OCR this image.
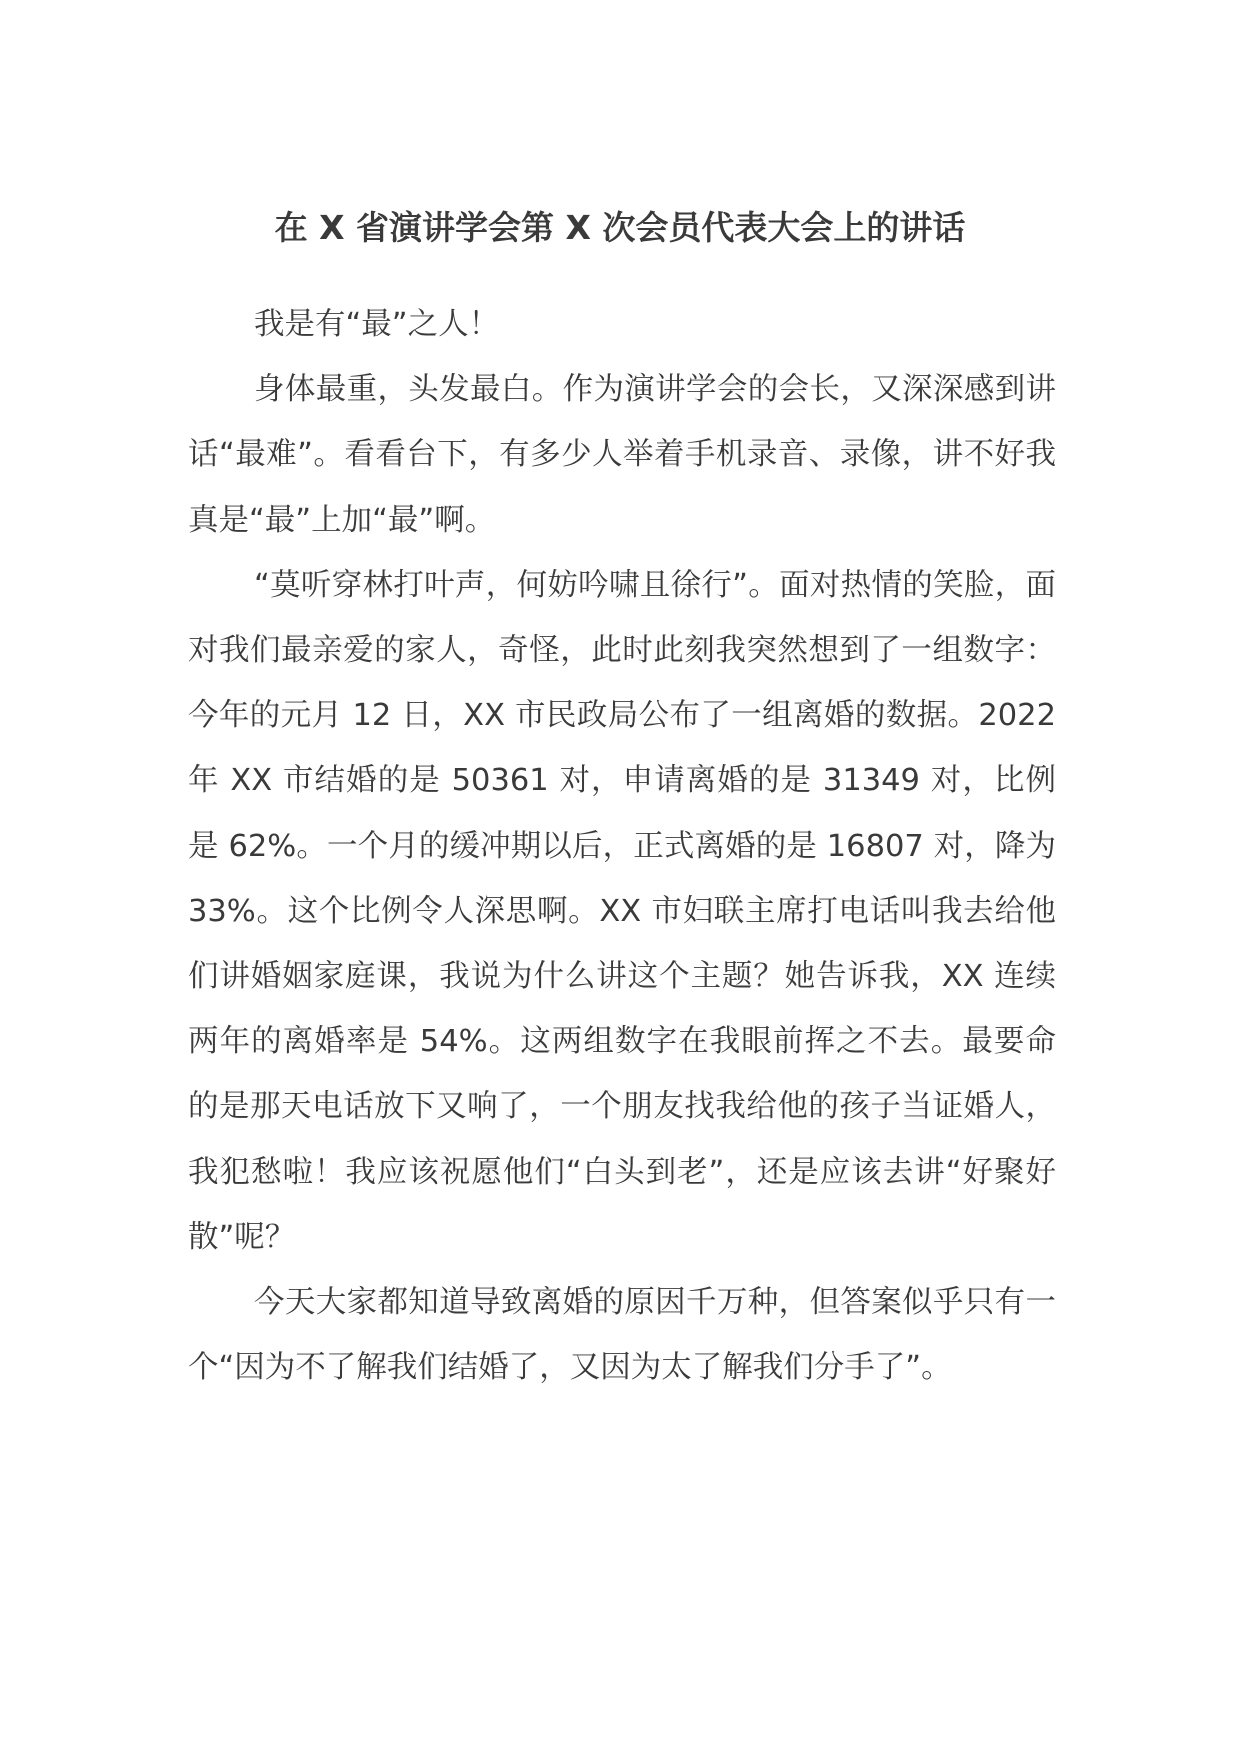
在 X 省演讲学会第 X 次会员代表大会上的讲话

我是有“最”之人！

身体最重，头发最白。作为演讲学会的会长，又深深感到讲话“最难”。看看台下，有多少人举着手机录音、录像，讲不好我真是“最”上加“最”啊。

“莫听穿林打叶声，何妨吟啸且徐行”。面对热情的笑脸，面对我们最亲爱的家人，奇怪，此时此刻我突然想到了一组数字：今年的元月 12 日，XX 市民政局公布了一组离婚的数据。2022 年 XX 市结婚的是 50361 对，申请离婚的是 31349 对，比例是 62%。一个月的缓冲期以后，正式离婚的是 16807 对，降为 33%。这个比例令人深思啊。XX 市妇联主席打电话叫我去给他们讲婚姻家庭课，我说为什么讲这个主题？她告诉我，XX 连续两年的离婚率是 54%。这两组数字在我眼前挥之不去。最要命的是那天电话放下又响了，一个朋友找我给他的孩子当证婚人，我犯愁啦！我应该祝愿他们“白头到老”，还是应该去讲“好聚好散”呢？

今天大家都知道导致离婚的原因千万种，但答案似乎只有一个“因为不了解我们结婚了，又因为太了解我们分手了”。
